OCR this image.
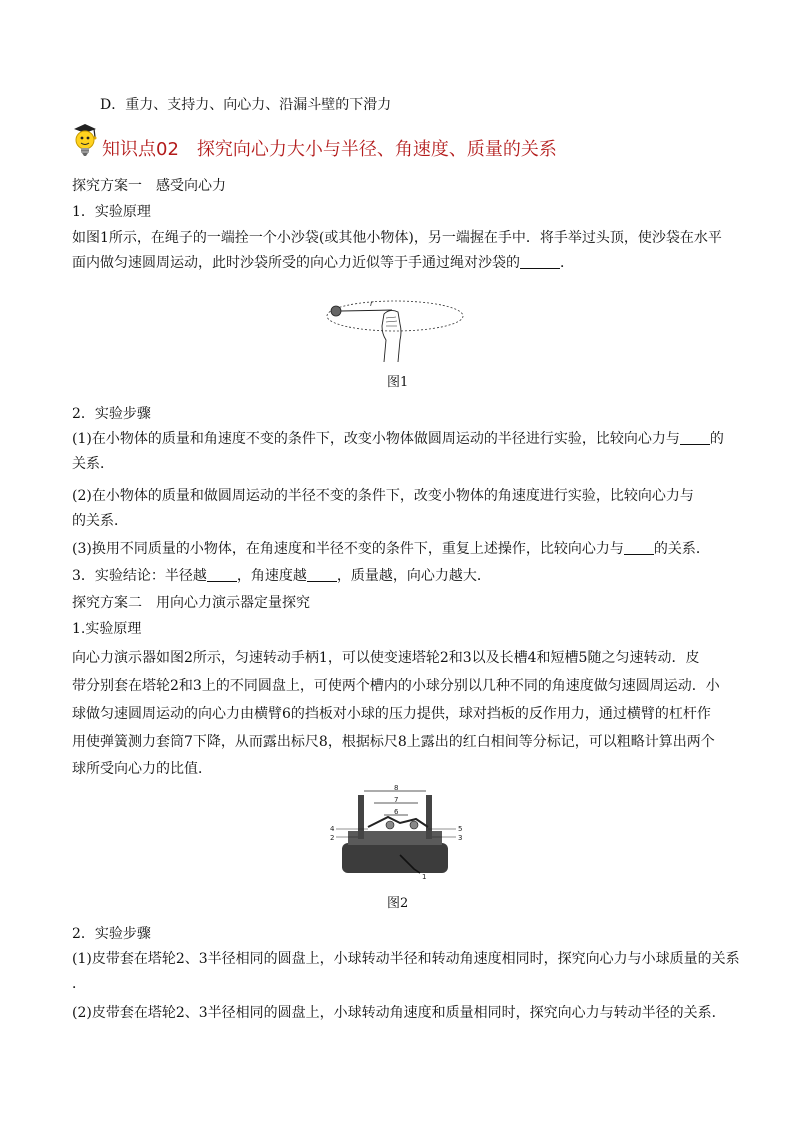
D．重力、支持力、向心力、沿漏斗壁的下滑力
知识点02 探究向心力大小与半径、角速度、质量的关系
探究方案一　感受向心力
1．实验原理
如图1所示，在绳子的一端拴一个小沙袋(或其他小物体)，另一端握在手中．将手举过头顶，使沙袋在水平
面内做匀速圆周运动，此时沙袋所受的向心力近似等于手通过绳对沙袋的	．
r
图1
2．实验步骤
(1)在小物体的质量和角速度不变的条件下，改变小物体做圆周运动的半径进行实验，比较向心力与 的
关系．
(2)在小物体的质量和做圆周运动的半径不变的条件下，改变小物体的角速度进行实验，比较向心力与
的关系．
(3)换用不同质量的小物体，在角速度和半径不变的条件下，重复上述操作，比较向心力与 的关系．
3．实验结论：半径越 ，角速度越 ，质量越，向心力越大．
探究方案二　用向心力演示器定量探究
1.实验原理
向心力演示器如图2所示，匀速转动手柄1，可以使变速塔轮2和3以及长槽4和短槽5随之匀速转动．皮
带分别套在塔轮2和3上的不同圆盘上，可使两个槽内的小球分别以几种不同的角速度做匀速圆周运动．小
球做匀速圆周运动的向心力由横臂6的挡板对小球的压力提供，球对挡板的反作用力，通过横臂的杠杆作
用使弹簧测力套筒7下降，从而露出标尺8，根据标尺8上露出的红白相间等分标记，可以粗略计算出两个
球所受向心力的比值．
8
7
6
4
2
5
3
1
图2
2．实验步骤
(1)皮带套在塔轮2、3半径相同的圆盘上，小球转动半径和转动角速度相同时，探究向心力与小球质量的关系
．
(2)皮带套在塔轮2、3半径相同的圆盘上，小球转动角速度和质量相同时，探究向心力与转动半径的关系．
